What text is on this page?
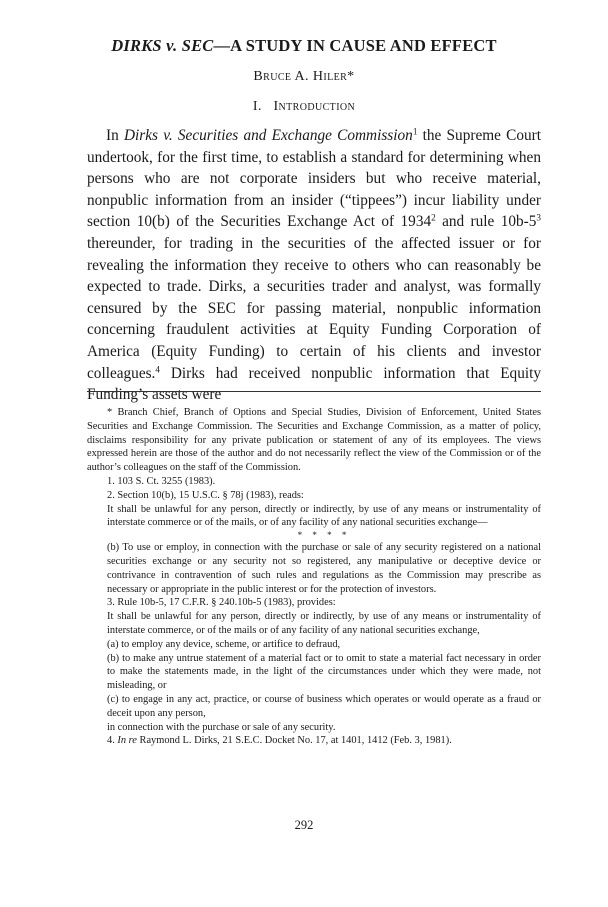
DIRKS v. SEC—A STUDY IN CAUSE AND EFFECT
Bruce A. Hiler*
I.   Introduction

In Dirks v. Securities and Exchange Commission$^1$ the Supreme Court undertook, for the first time, to establish a standard for determining when persons who are not corporate insiders but who receive material, nonpublic information from an insider (“tippees”) incur liability under section 10(b) of the Securities Exchange Act of 1934$^2$ and rule $10b-5^3$ thereunder, for trading in the securities of the affected issuer or for revealing the information they receive to others who can reasonably be expected to trade. Dirks, a securities trader and analyst, was formally censured by the SEC for passing material, nonpublic information concerning fraudulent activities at Equity Funding Corporation of America (Equity Funding) to certain of his clients and investor colleagues.$^4$ Dirks had received nonpublic information that Equity Funding’s assets were

* Branch Chief, Branch of Options and Special Studies, Division of Enforcement, United States Securities and Exchange Commission. The Securities and Exchange Commission, as a matter of policy, disclaims responsibility for any private publication or statement of any of its employees. The views expressed herein are those of the author and do not necessarily reflect the view of the Commission or of the author’s colleagues on the staff of the Commission.

1. 103 S. Ct. 3255 (1983).

2. Section 10(b), 15 U.S.C. § 78j (1983), reads:

It shall be unlawful for any person, directly or indirectly, by use of any means or instrumentality of interstate commerce or of the mails, or of any facility of any national securities exchange—

* * * *

(b) To use or employ, in connection with the purchase or sale of any security registered on a national securities exchange or any security not so registered, any manipulative or deceptive device or contrivance in contravention of such rules and regulations as the Commission may prescribe as necessary or appropriate in the public interest or for the protection of investors.

3. Rule 10b-5, 17 C.F.R. § 240.10b-5 (1983), provides:

It shall be unlawful for any person, directly or indirectly, by use of any means or instrumentality of interstate commerce, or of the mails or of any facility of any national securities exchange,

(a) to employ any device, scheme, or artifice to defraud,

(b) to make any untrue statement of a material fact or to omit to state a material fact necessary in order to make the statements made, in the light of the circumstances under which they were made, not misleading, or

(c) to engage in any act, practice, or course of business which operates or would operate as a fraud or deceit upon any person,

in connection with the purchase or sale of any security.

4. In re Raymond L. Dirks, 21 S.E.C. Docket No. 17, at 1401, 1412 (Feb. 3, 1981).

292
